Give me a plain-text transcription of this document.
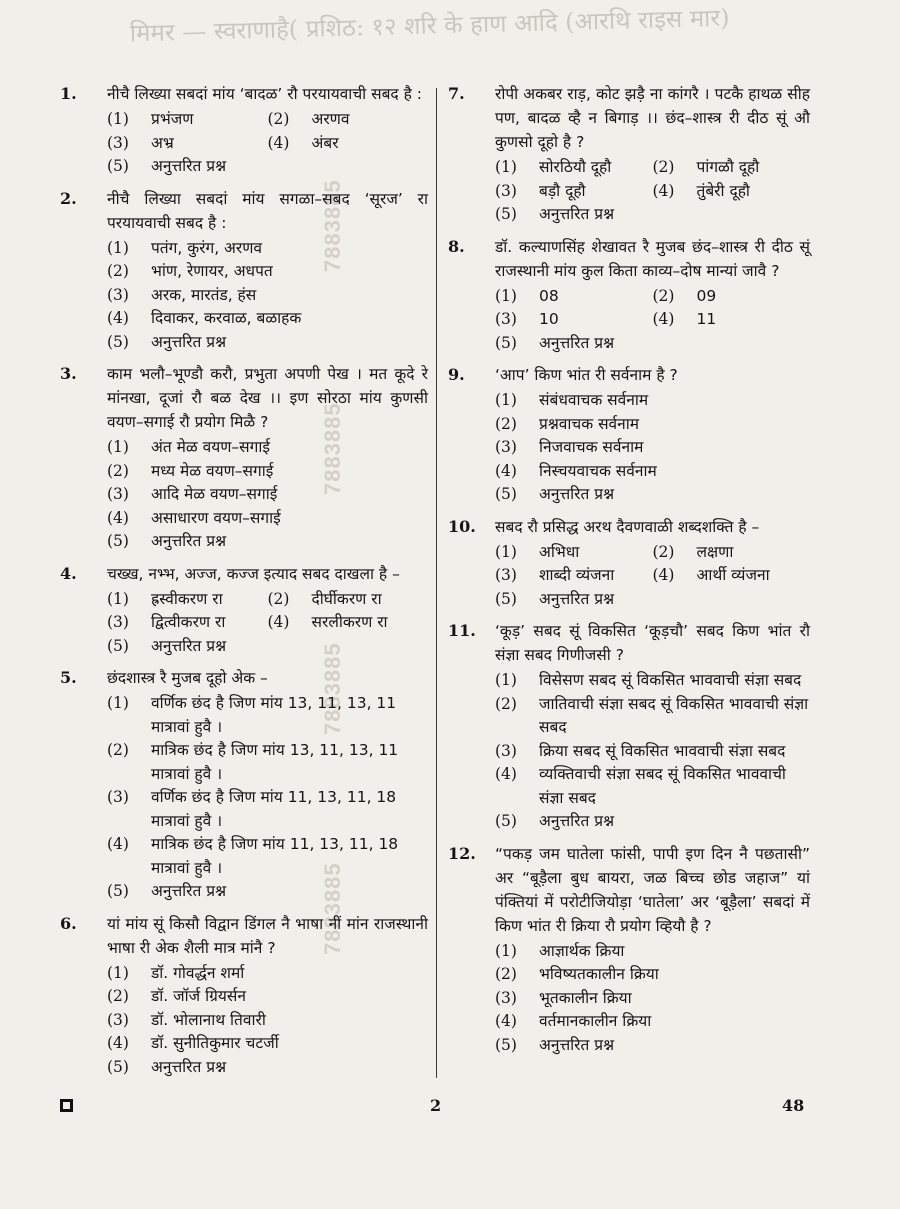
मिमर — स्वराणाहै( प्रशिठ: १२ शरि के हाण आदि (आरथि राइस मार)
7883885
7883885
7883885
7883885
1. नीचै लिख्या सबदां मांय ‘बादळ’ रौ परयायवाची सबद है :
(1) प्रभंजण	(2) अरणव
(3) अभ्र	(4) अंबर
(5) अनुत्तरित प्रश्न
2. नीचै लिख्या सबदां मांय सगळा–सबद ‘सूरज’ रा परयायवाची सबद है :
(1) पतंग, कुरंग, अरणव
(2) भांण, रेणायर, अधपत
(3) अरक, मारतंड, हंस
(4) दिवाकर, करवाळ, बळाहक
(5) अनुत्तरित प्रश्न
3. काम भलौ–भूण्डौ करौ, प्रभुता अपणी पेख । मत कूदे रे मांनखा, दूजां रौ बळ देख ।। इण सोरठा मांय कुणसी वयण–सगाई रौ प्रयोग मिळै ?
(1) अंत मेळ वयण–सगाई
(2) मध्य मेळ वयण–सगाई
(3) आदि मेळ वयण–सगाई
(4) असाधारण वयण–सगाई
(5) अनुत्तरित प्रश्न
4. चख्ख, नभ्भ, अज्ज, कज्ज इत्याद सबद दाखला है –
(1) ह्रस्वीकरण रा	(2) दीर्घीकरण रा
(3) द्वित्वीकरण रा	(4) सरलीकरण रा
(5) अनुत्तरित प्रश्न
5. छंदशास्त्र रै मुजब दूहो अेक –
(1) वर्णिक छंद है जिण मांय 13, 11, 13, 11 मात्रावां हुवै ।
(2) मात्रिक छंद है जिण मांय 13, 11, 13, 11 मात्रावां हुवै ।
(3) वर्णिक छंद है जिण मांय 11, 13, 11, 18 मात्रावां हुवै ।
(4) मात्रिक छंद है जिण मांय 11, 13, 11, 18 मात्रावां हुवै ।
(5) अनुत्तरित प्रश्न
6. यां मांय सूं किसौ विद्वान डिंगल नै भाषा नीं मांन राजस्थानी भाषा री अेक शैली मात्र मांनै ?
(1) डॉ. गोवर्द्धन शर्मा
(2) डॉ. जॉर्ज ग्रियर्सन
(3) डॉ. भोलानाथ तिवारी
(4) डॉ. सुनीतिकुमार चटर्जी
(5) अनुत्तरित प्रश्न
7. रोपी अकबर राड़, कोट झड़ै ना कांगरै । पटकै हाथळ सीह पण, बादळ व्है न बिगाड़ ।। छंद–शास्त्र री दीठ सूं औ कुणसो दूहो है ?
(1) सोरठियौ दूहौ	(2) पांगळौ दूहौ
(3) बड़ौ दूहौ	(4) तुंबेरी दूहौ
(5) अनुत्तरित प्रश्न
8. डॉ. कल्याणसिंह शेखावत रै मुजब छंद–शास्त्र री दीठ सूं राजस्थानी मांय कुल किता काव्य–दोष मान्यां जावै ?
(1) 08	(2) 09
(3) 10	(4) 11
(5) अनुत्तरित प्रश्न
9. ‘आप’ किण भांत री सर्वनाम है ?
(1) संबंधवाचक सर्वनाम
(2) प्रश्नवाचक सर्वनाम
(3) निजवाचक सर्वनाम
(4) निस्चयवाचक सर्वनाम
(5) अनुत्तरित प्रश्न
10. सबद रौ प्रसिद्ध अरथ दैवणवाळी शब्दशक्ति है –
(1) अभिधा	(2) लक्षणा
(3) शाब्दी व्यंजना	(4) आर्थी व्यंजना
(5) अनुत्तरित प्रश्न
11. ‘कूड़’ सबद सूं विकसित ‘कूड़चौ’ सबद किण भांत रौ संज्ञा सबद गिणीजसी ?
(1) विसेसण सबद सूं विकसित भाववाची संज्ञा सबद
(2) जातिवाची संज्ञा सबद सूं विकसित भाववाची संज्ञा सबद
(3) क्रिया सबद सूं विकसित भाववाची संज्ञा सबद
(4) व्यक्तिवाची संज्ञा सबद सूं विकसित भाववाची संज्ञा सबद
(5) अनुत्तरित प्रश्न
12. “पकड़ जम घातेला फांसी, पापी इण दिन नै पछतासी” अर “बूड़ैला बुध बायरा, जळ बिच्च छोड जहाज” यां पंक्तियां में परोटीजियोड़ा ‘घातेला’ अर ‘बूड़ैला’ सबदां में किण भांत री क्रिया रौ प्रयोग व्हियौ है ?
(1) आज्ञार्थक क्रिया
(2) भविष्यतकालीन क्रिया
(3) भूतकालीन क्रिया
(4) वर्तमानकालीन क्रिया
(5) अनुत्तरित प्रश्न
2	48
